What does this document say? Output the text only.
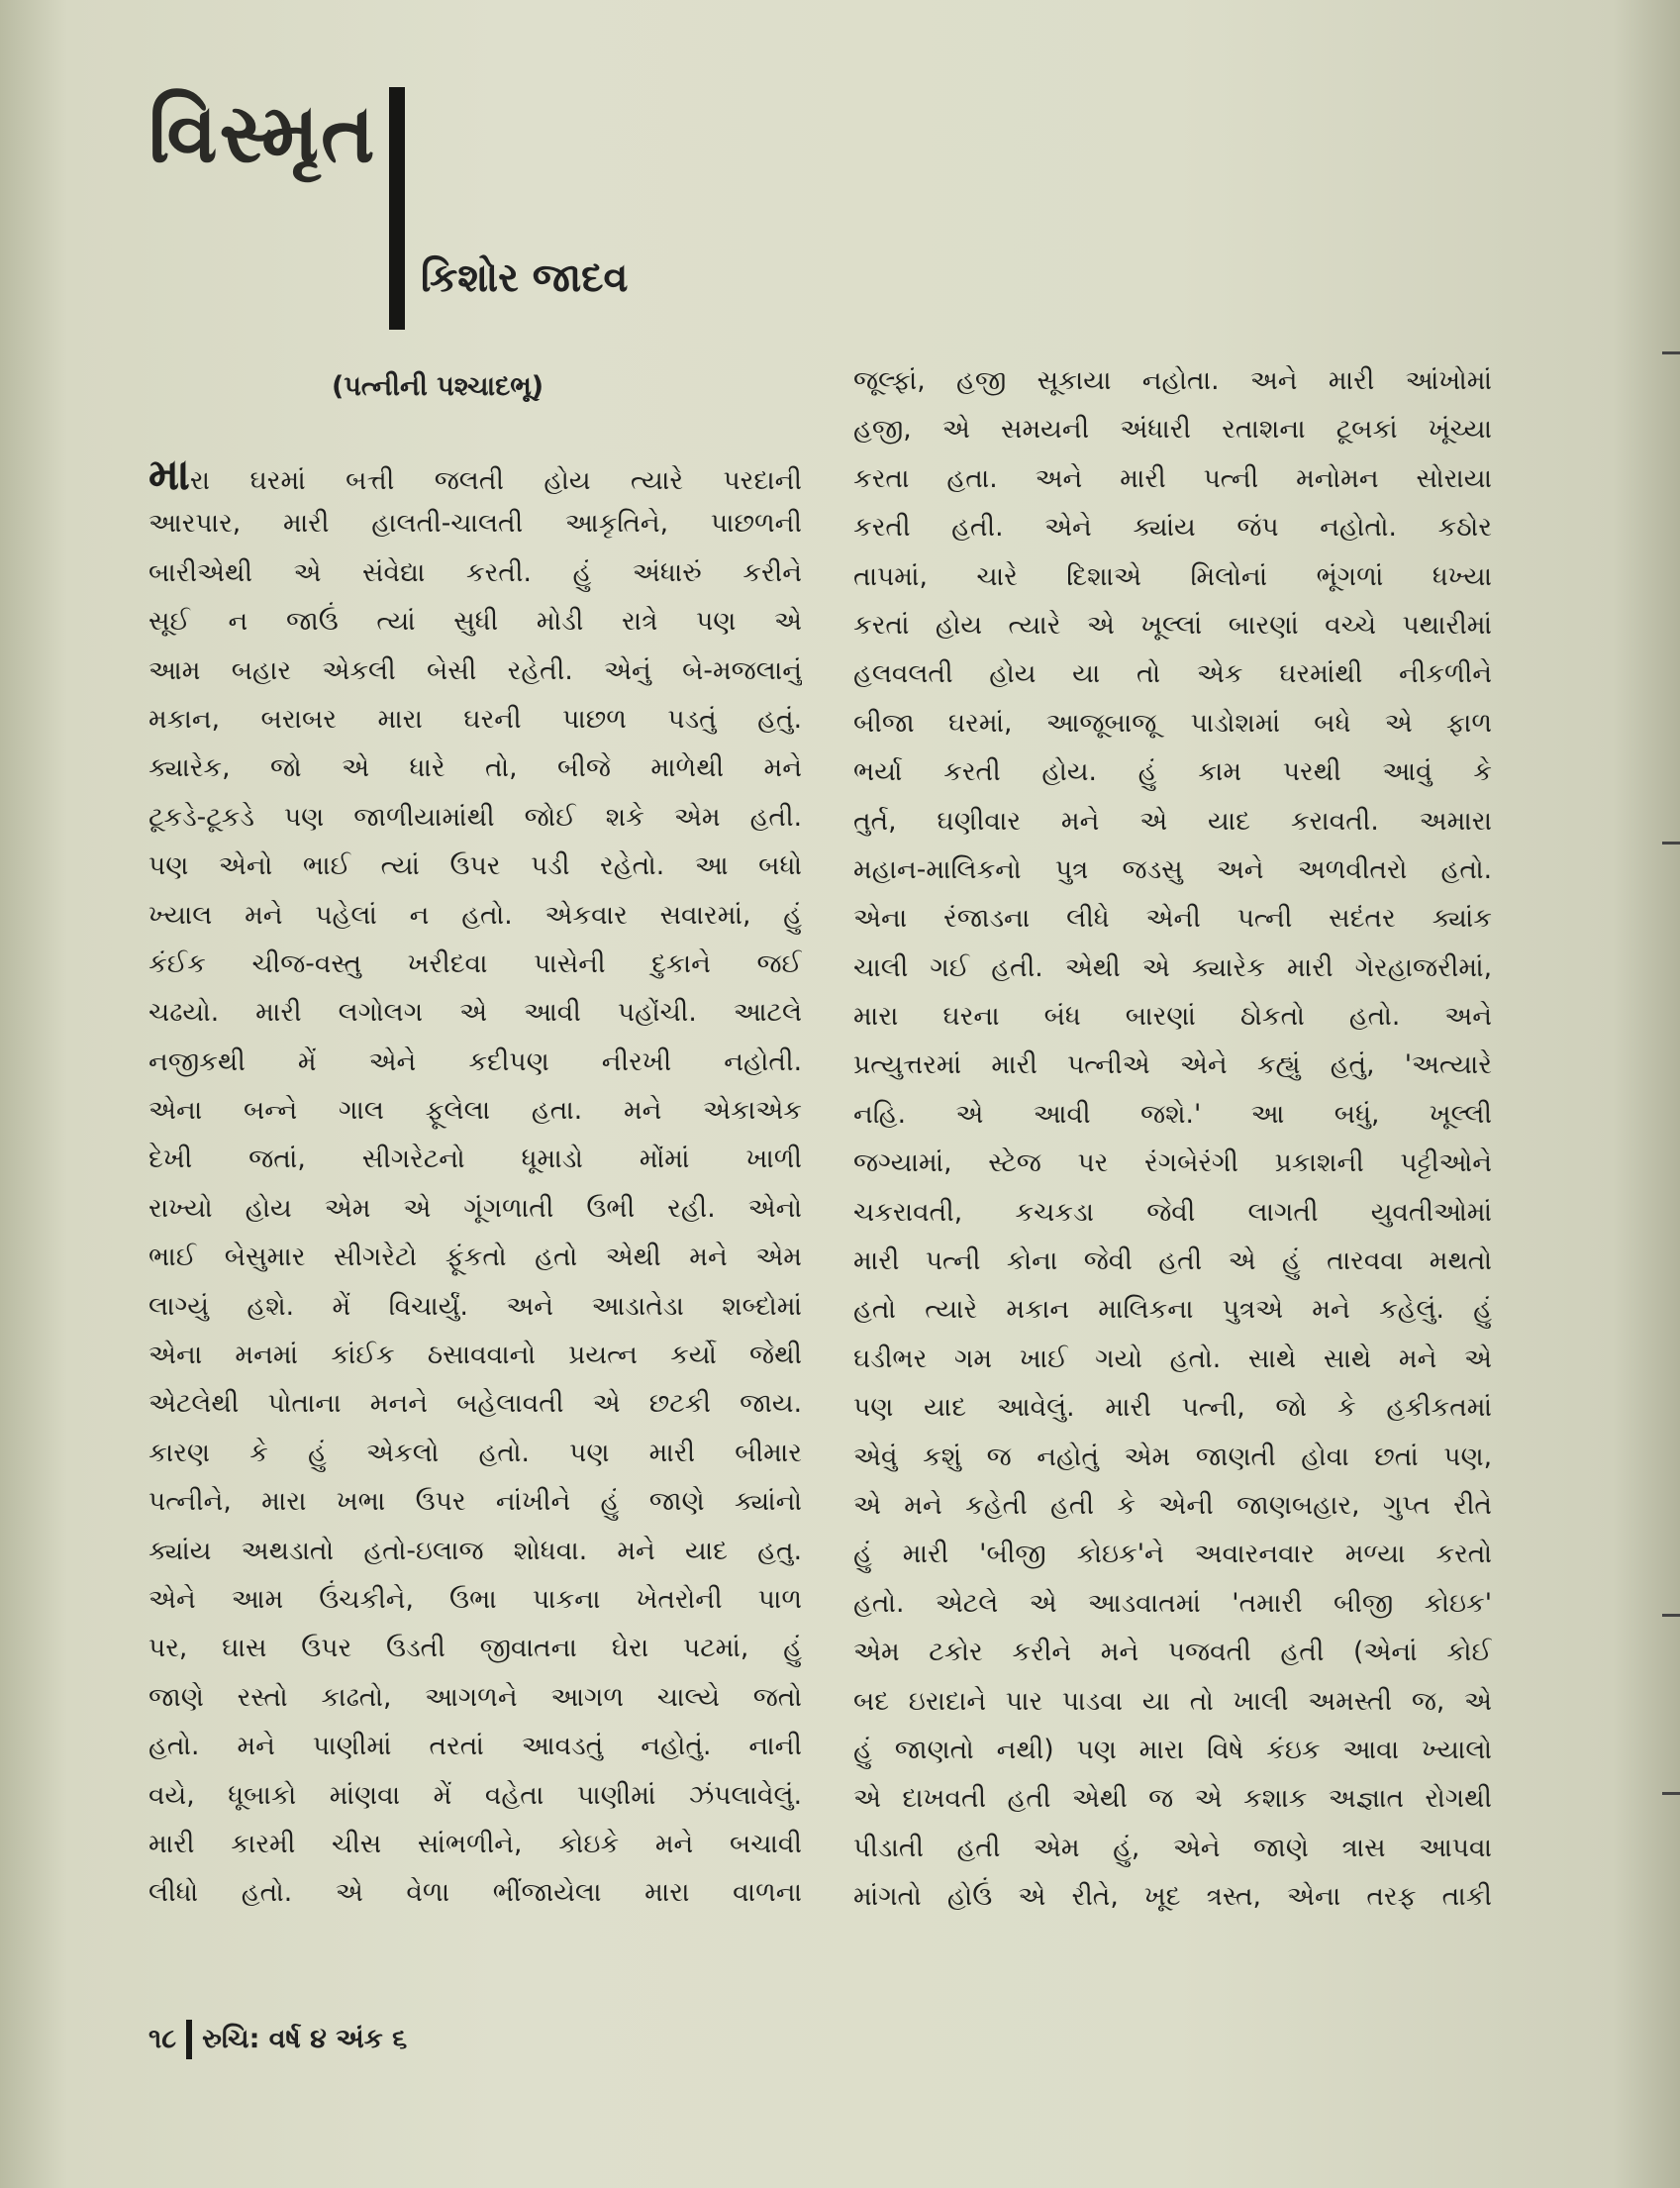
વિસ્મૃત
કિશોર જાદવ
(પત્નીની પશ્ચાદભૂ)
મારા ઘરમાં બત્તી જલતી હોય ત્યારે પરદાની
આરપાર, મારી હાલતી-ચાલતી આકૃતિને, પાછળની
બારીએથી એ સંવેદ્યા કરતી. હું અંધારું કરીને
સૂઈ ન જાઉં ત્યાં સુધી મોડી રાત્રે પણ એ
આમ બહાર એકલી બેસી રહેતી. એનું બે-મજલાનું
મકાન, બરાબર મારા ઘરની પાછળ પડતું હતું.
ક્યારેક, જો એ ધારે તો, બીજે માળેથી મને
ટૂકડે-ટૂકડે પણ જાળીયામાંથી જોઈ શકે એમ હતી.
પણ એનો ભાઈ ત્યાં ઉપર પડી રહેતો. આ બધો
ખ્યાલ મને પહેલાં ન હતો. એકવાર સવારમાં, હું
કંઈક ચીજ-વસ્તુ ખરીદવા પાસેની દુકાને જઈ
ચઢયો. મારી લગોલગ એ આવી પહોંચી. આટલે
નજીકથી મેં એને કદીપણ નીરખી નહોતી.
એના બન્ને ગાલ ફૂલેલા હતા. મને એકાએક
દેખી જતાં, સીગરેટનો ધૂમાડો મોંમાં ખાળી
રાખ્યો હોય એમ એ ગૂંગળાતી ઉભી રહી. એનો
ભાઈ બેસુમાર સીગરેટો ફૂંકતો હતો એથી મને એમ
લાગ્યું હશે. મેં વિચાર્યું. અને આડાતેડા શબ્દોમાં
એના મનમાં કાંઈક ઠસાવવાનો પ્રયત્ન કર્યો જેથી
એટલેથી પોતાના મનને બહેલાવતી એ છટકી જાય.
કારણ કે હું એકલો હતો. પણ મારી બીમાર
પત્નીને, મારા ખભા ઉપર નાંખીને હું જાણે ક્યાંનો
ક્યાંય અથડાતો હતો-ઇલાજ શોધવા. મને યાદ હતુ.
એને આમ ઉંચકીને, ઉભા પાકના ખેતરોની પાળ
પર, ઘાસ ઉપર ઉડતી જીવાતના ઘેરા પટમાં, હું
જાણે રસ્તો કાઢતો, આગળને આગળ ચાલ્યે જતો
હતો. મને પાણીમાં તરતાં આવડતું નહોતું. નાની
વયે, ધૂબાકો માંણવા મેં વહેતા પાણીમાં ઝંપલાવેલું.
મારી કારમી ચીસ સાંભળીને, કોઇકે મને બચાવી
લીધો હતો. એ વેળા ભીંજાયેલા મારા વાળના
જૂલ્ફાં, હજી સૂકાયા નહોતા. અને મારી આંખોમાં
હજી, એ સમયની અંધારી રતાશના ટૂબકાં ખૂંચ્યા
કરતા હતા. અને મારી પત્ની મનોમન સોરાયા
કરતી હતી. એને ક્યાંય જંપ નહોતો. કઠોર
તાપમાં, ચારે દિશાએ મિલોનાં ભૂંગળાં ધખ્યા
કરતાં હોય ત્યારે એ ખૂલ્લાં બારણાં વચ્ચે પથારીમાં
હલવલતી હોય યા તો એક ઘરમાંથી નીકળીને
બીજા ઘરમાં, આજૂબાજૂ પાડોશમાં બધે એ ફાળ
ભર્યા કરતી હોય. હું કામ પરથી આવું કે
તુર્ત, ઘણીવાર મને એ યાદ કરાવતી. અમારા
મહાન-માલિકનો પુત્ર જડસુ અને અળવીતરો હતો.
એના રંજાડના લીધે એની પત્ની સદંતર ક્યાંક
ચાલી ગઈ હતી. એથી એ ક્યારેક મારી ગેરહાજરીમાં,
મારા ઘરના બંધ બારણાં ઠોકતો હતો. અને
પ્રત્યુત્તરમાં મારી પત્નીએ એને કહ્યું હતું, 'અત્યારે
નહિ. એ આવી જશે.' આ બધું, ખૂલ્લી
જગ્યામાં, સ્ટેજ પર રંગબેરંગી પ્રકાશની પટ્ટીઓને
ચકરાવતી, કચકડા જેવી લાગતી યુવતીઓમાં
મારી પત્ની કોના જેવી હતી એ હું તારવવા મથતો
હતો ત્યારે મકાન માલિકના પુત્રએ મને કહેલું. હું
ઘડીભર ગમ ખાઈ ગયો હતો. સાથે સાથે મને એ
પણ યાદ આવેલું. મારી પત્ની, જો કે હકીકતમાં
એવું કશું જ નહોતું એમ જાણતી હોવા છતાં પણ,
એ મને કહેતી હતી કે એની જાણબહાર, ગુપ્ત રીતે
હું મારી 'બીજી કોઇક'ને અવારનવાર મળ્યા કરતો
હતો. એટલે એ આડવાતમાં 'તમારી બીજી કોઇક'
એમ ટકોર કરીને મને પજવતી હતી (એનાં કોઈ
બદ ઇરાદાને પાર પાડવા યા તો ખાલી અમસ્તી જ, એ
હું જાણતો નથી) પણ મારા વિષે કંઇક આવા ખ્યાલો
એ દાખવતી હતી એથી જ એ કશાક અજ્ઞાત રોગથી
પીડાતી હતી એમ હું, એને જાણે ત્રાસ આપવા
માંગતો હોઉં એ રીતે, ખૂદ ત્રસ્ત, એના તરફ તાકી
૧૮ રુચિ: વર્ષ ૪ અંક ૬
